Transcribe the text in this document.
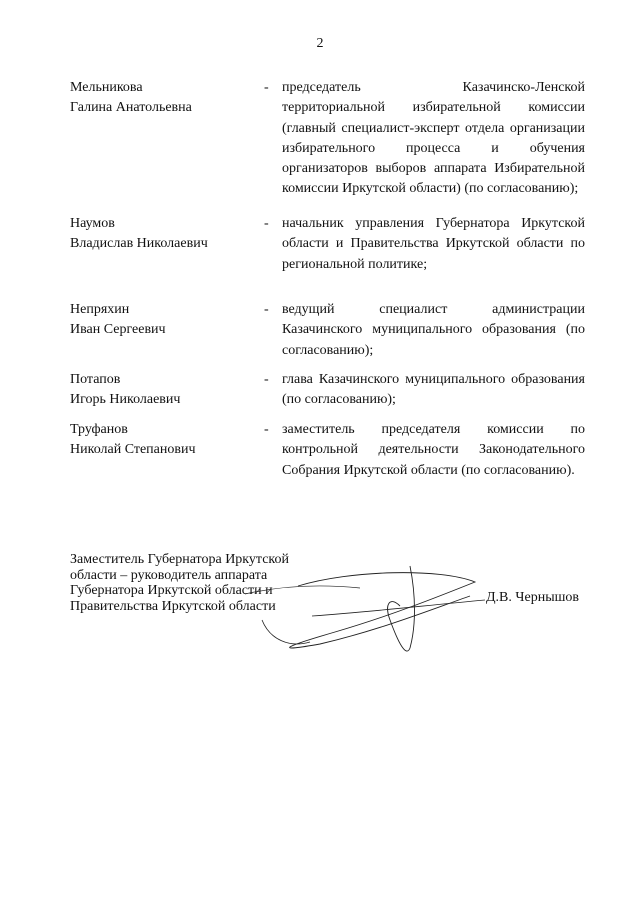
2
Мельникова
Галина Анатольевна
- председатель Казачинско-Ленской территориальной избирательной комиссии (главный специалист-эксперт отдела организации избирательного процесса и обучения организаторов выборов аппарата Избирательной комиссии Иркутской области) (по согласованию);
Наумов
Владислав Николаевич
- начальник управления Губернатора Иркутской области и Правительства Иркутской области по региональной политике;
Непряхин
Иван Сергеевич
- ведущий специалист администрации Казачинского муниципального образования (по согласованию);
Потапов
Игорь Николаевич
- глава Казачинского муниципального образования (по согласованию);
Труфанов
Николай Степанович
- заместитель председателя комиссии по контрольной деятельности Законодательного Собрания Иркутской области (по согласованию).
Заместитель Губернатора Иркутской
области – руководитель аппарата
Губернатора Иркутской области и
Правительства Иркутской области
Д.В. Чернышов
